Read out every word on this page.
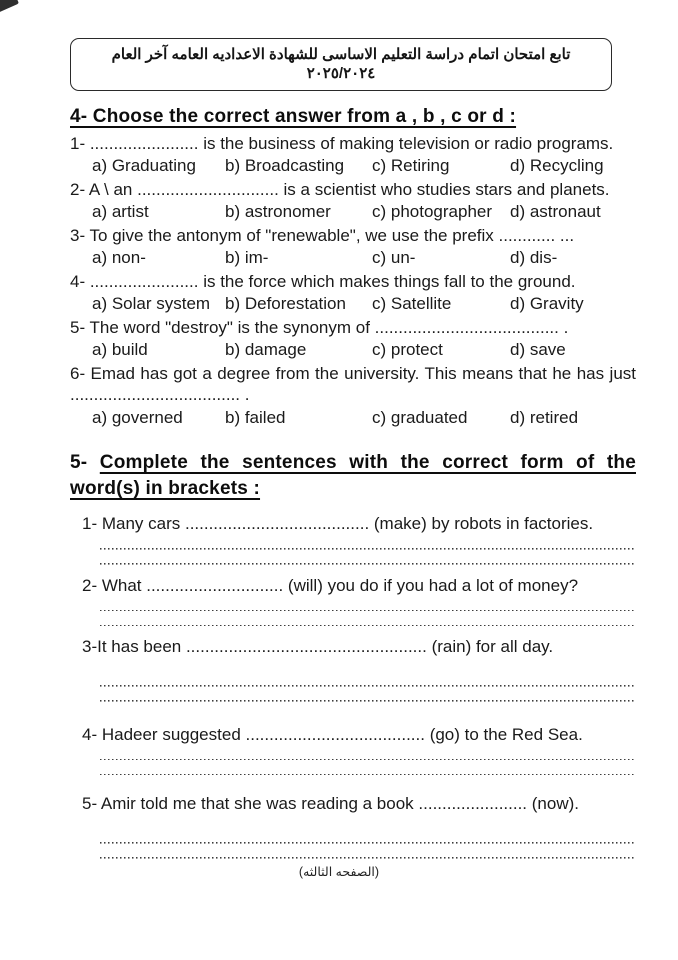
تابع امتحان اتمام دراسة التعليم الاساسى للشهادة الاعداديه العامه آخر العام ٢٠٢٥/٢٠٢٤
4- Choose the correct answer from a , b , c or d :

1- ....................... is the business of making television or radio programs.

a) Graduating	b) Broadcasting	c) Retiring	d) Recycling

2- A \ an .............................. is a scientist who studies stars and planets.

a) artist	b) astronomer	c) photographer	d) astronaut

3- To give the antonym of "renewable", we use the prefix ............ ...

a) non-	b) im-	c) un-	d) dis-

4- ....................... is the force which makes things fall to the ground.

a) Solar system b) Deforestation	c) Satellite	d) Gravity

5- The word "destroy" is the synonym of ....................................... .

a) build	b) damage	c) protect	d) save

6- Emad has got a degree from the university. This means that he has just .................................... .

a) governed	b) failed	c) graduated	d) retired
5- Complete the sentences with the correct form of the word(s) in brackets :

1- Many cars ....................................... (make) by robots in factories.

2- What ............................. (will) you do if you had a lot of money?

3-It has been ................................................... (rain) for all day.

4- Hadeer suggested ...................................... (go) to the Red Sea.

5- Amir told me that she was reading a book ....................... (now).

(الصفحه الثالثه)
